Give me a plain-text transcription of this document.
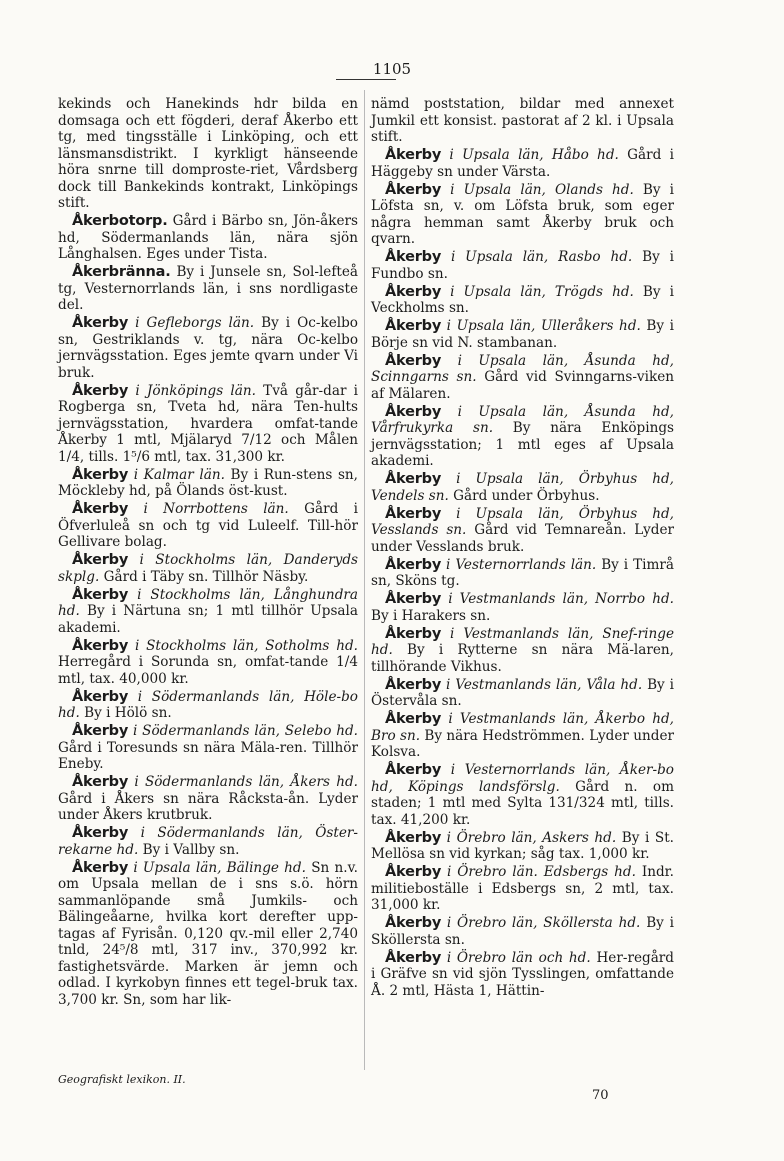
1105

kekinds och Hanekinds hdr bilda en domsaga och ett fögderi, deraf Åkerbo ett tg, med tingsställe i Linköping, och ett länsmansdistrikt. I kyrkligt hänseende höra snrne till domproste-riet, Vårdsberg dock till Bankekinds kontrakt, Linköpings stift.

Åkerbotorp. Gård i Bärbo sn, Jön-åkers hd, Södermanlands län, nära sjön Långhalsen. Eges under Tista.

Åkerbränna. By i Junsele sn, Sol-lefteå tg, Vesternorrlands län, i sns nordligaste del.

Åkerby i Gefleborgs län. By i Oc-kelbo sn, Gestriklands v. tg, nära Oc-kelbo jernvägsstation. Eges jemte qvarn under Vi bruk.

Åkerby i Jönköpings län. Två går-dar i Rogberga sn, Tveta hd, nära Ten-hults jernvägsstation, hvardera omfat-tande Åkerby 1 mtl, Mjälaryd 7/12 och Målen 1/4, tills. 1⁵/6 mtl, tax. 31,300 kr.

Åkerby i Kalmar län. By i Run-stens sn, Möckleby hd, på Ölands öst-kust.

Åkerby i Norrbottens län. Gård i Öfverluleå sn och tg vid Luleelf. Till-hör Gellivare bolag.

Åkerby i Stockholms län, Danderyds skplg. Gård i Täby sn. Tillhör Näsby.

Åkerby i Stockholms län, Långhundra hd. By i Närtuna sn; 1 mtl tillhör Upsala akademi.

Åkerby i Stockholms län, Sotholms hd. Herregård i Sorunda sn, omfat-tande 1/4 mtl, tax. 40,000 kr.

Åkerby i Södermanlands län, Höle-bo hd. By i Hölö sn.

Åkerby i Södermanlands län, Selebo hd. Gård i Toresunds sn nära Mäla-ren. Tillhör Eneby.

Åkerby i Södermanlands län, Åkers hd. Gård i Åkers sn nära Råcksta-ån. Lyder under Åkers krutbruk.

Åkerby i Södermanlands län, Öster-rekarne hd. By i Vallby sn.

Åkerby i Upsala län, Bälinge hd. Sn n.v. om Upsala mellan de i sns s.ö. hörn sammanlöpande små Jumkils- och Bälingeåarne, hvilka kort derefter upp-tagas af Fyrisån. 0,120 qv.-mil eller 2,740 tnld, 24⁵/8 mtl, 317 inv., 370,992 kr. fastighetsvärde. Marken är jemn och odlad. I kyrkobyn finnes ett tegel-bruk tax. 3,700 kr. Sn, som har lik-

nämd poststation, bildar med annexet Jumkil ett konsist. pastorat af 2 kl. i Upsala stift.

Åkerby i Upsala län, Håbo hd. Gård i Häggeby sn under Värsta.

Åkerby i Upsala län, Olands hd. By i Löfsta sn, v. om Löfsta bruk, som eger några hemman samt Åkerby bruk och qvarn.

Åkerby i Upsala län, Rasbo hd. By i Fundbo sn.

Åkerby i Upsala län, Trögds hd. By i Veckholms sn.

Åkerby i Upsala län, Ulleråkers hd. By i Börje sn vid N. stambanan.

Åkerby i Upsala län, Åsunda hd, Scinngarns sn. Gård vid Svinngarns-viken af Mälaren.

Åkerby i Upsala län, Åsunda hd, Vårfrukyrka sn. By nära Enköpings jernvägsstation; 1 mtl eges af Upsala akademi.

Åkerby i Upsala län, Örbyhus hd, Vendels sn. Gård under Örbyhus.

Åkerby i Upsala län, Örbyhus hd, Vesslands sn. Gård vid Temnareån. Lyder under Vesslands bruk.

Åkerby i Vesternorrlands län. By i Timrå sn, Sköns tg.

Åkerby i Vestmanlands län, Norrbo hd. By i Harakers sn.

Åkerby i Vestmanlands län, Snef-ringe hd. By i Rytterne sn nära Mä-laren, tillhörande Vikhus.

Åkerby i Vestmanlands län, Våla hd. By i Östervåla sn.

Åkerby i Vestmanlands län, Åkerbo hd, Bro sn. By nära Hedströmmen. Lyder under Kolsva.

Åkerby i Vesternorrlands län, Åker-bo hd, Köpings landsförslg. Gård n. om staden; 1 mtl med Sylta 131/324 mtl, tills. tax. 41,200 kr.

Åkerby i Örebro län, Askers hd. By i St. Mellösa sn vid kyrkan; såg tax. 1,000 kr.

Åkerby i Örebro län. Edsbergs hd. Indr. militieboställe i Edsbergs sn, 2 mtl, tax. 31,000 kr.

Åkerby i Örebro län, Sköllersta hd. By i Sköllersta sn.

Åkerby i Örebro län och hd. Her-regård i Gräfve sn vid sjön Tysslingen, omfattande Å. 2 mtl, Hästa 1, Hättin-

Geografiskt lexikon. II.
70
